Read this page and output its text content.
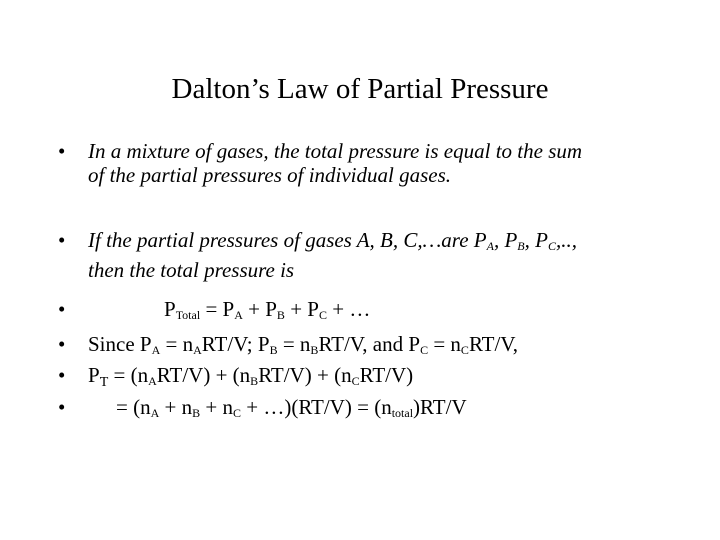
Dalton’s Law of Partial Pressure
•	In a mixture of gases, the total pressure is equal to the sum
of the partial pressures of individual gases.
•	If the partial pressures of gases A, B, C,…are $P_A$, $P_B$, $P_C$,..,
then the total pressure is
•	$P_{Total} = P_A + P_B + P_C$ + …
•	Since $P_A = n_ART/V$; $P_B = n_BRT/V$, and $P_C = n_CRT/V$,
•	PT = $(n_ART/V) + (n_BRT/V) + (n_CRT/V)$
•	= ($n_A + n_B + n_C$ + …)(RT/V) = $(n_{total})RT/V$
